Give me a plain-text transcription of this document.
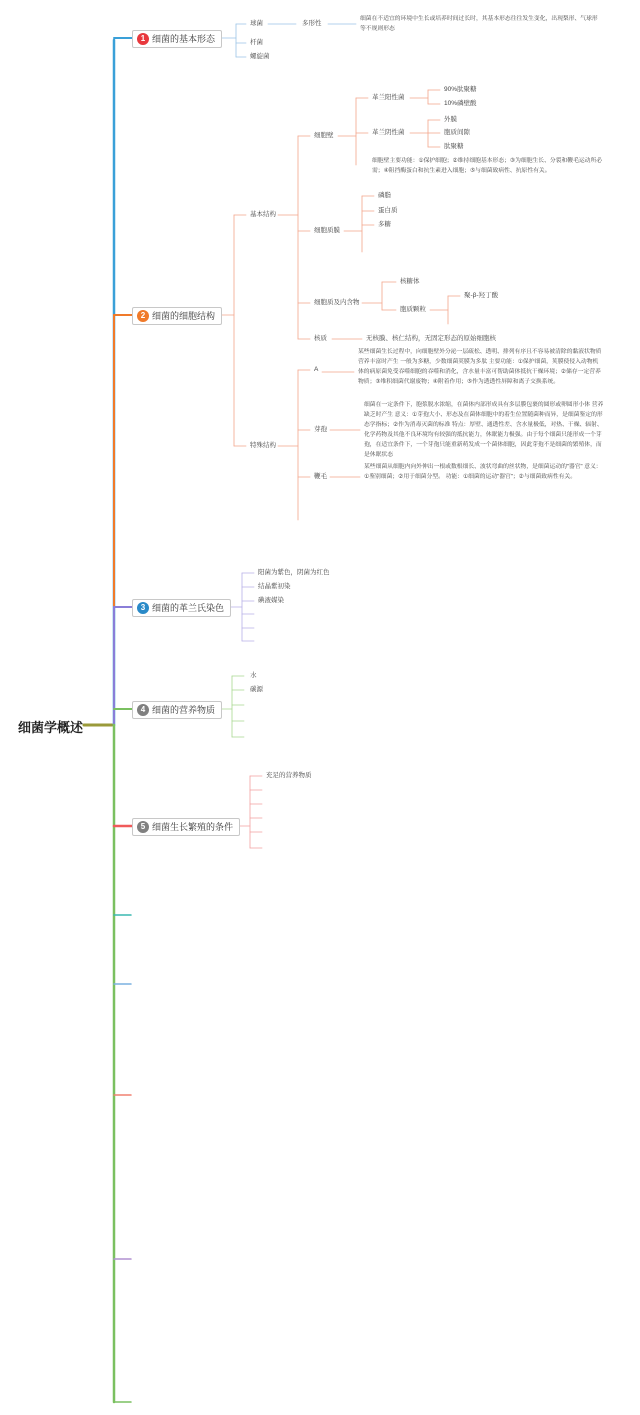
细菌学概述
1 细菌的基本形态
2 细菌的细胞结构
3 细菌的革兰氏染色
4 细菌的营养物质
5 细菌生长繁殖的条件
球菌
杆菌
螺旋菌
多形性
细菌在不适宜的环境中生长或培养时间过长时，其基本形态往往发生变化，出现梨形、气球形等不规则形态
基本结构
特殊结构
细胞壁
革兰阳性菌
90%肽聚糖
10%磷壁酸
革兰阴性菌
外膜
胞质间隙
肽聚糖
细胞壁主要功能：①保护细胞；②维持细胞基本形态；③为细胞生长、分裂和鞭毛运动所必需；④阻挡酶蛋白和抗生素进入细胞；⑤与细菌致病性、抗原性有关。
细胞质膜
磷脂
蛋白质
多糖
细胞质及内含物
核糖体
胞质颗粒
聚-β-羟丁酸
核质	无核膜、核仁结构，无固定形态的原始细胞核
A
某些细菌生长过程中，向细胞壁外分泌一层疏松、透明、排列有序且不容易被清除的黏液状物质 营养丰富时产生 一般为多糖，少数细菌荚膜为多肽 主要功能：①保护细菌，荚膜使侵入动物机体的病原菌免受吞噬细胞的吞噬和消化，含水量丰富可帮助菌体抵抗干燥环境；②储存一定营养物质；③堆积细菌代谢废物；④附着作用；⑤作为透透性屏障和离子交换系统。
芽孢
细菌在一定条件下，胞浆脱水浓缩，在菌体内部形成具有多层膜包裹的圆形或卵圆形小体 营养缺乏时产生 意义：①芽孢大小、形态及在菌体细胞中的着生位置随菌种而异，是细菌鉴定的形态学指标；②作为消毒灭菌的标准 特点：厚壁、通透性差、含水量极低，对热、干燥、辐射、化学药物及其他不良环境均有较强的抵抗能力，休眠能力极强。由于每个细菌只能形成一个芽孢，在适宜条件下，一个芽孢只能重新萌发成一个菌体细胞，因此芽孢不是细菌的繁殖体，而是休眠状态
鞭毛
某些细菌从细胞内向外伸出一根或数根细长、波状弯曲的丝状物，是细菌运动的"器官" 意义：①鉴别细菌；②用于细菌分型。 功能：①细菌的运动"器官"；②与细菌致病性有关。
阳菌为紫色，阴菌为红色
结晶紫初染
碘液媒染
水
碳源
充足的营养物质
